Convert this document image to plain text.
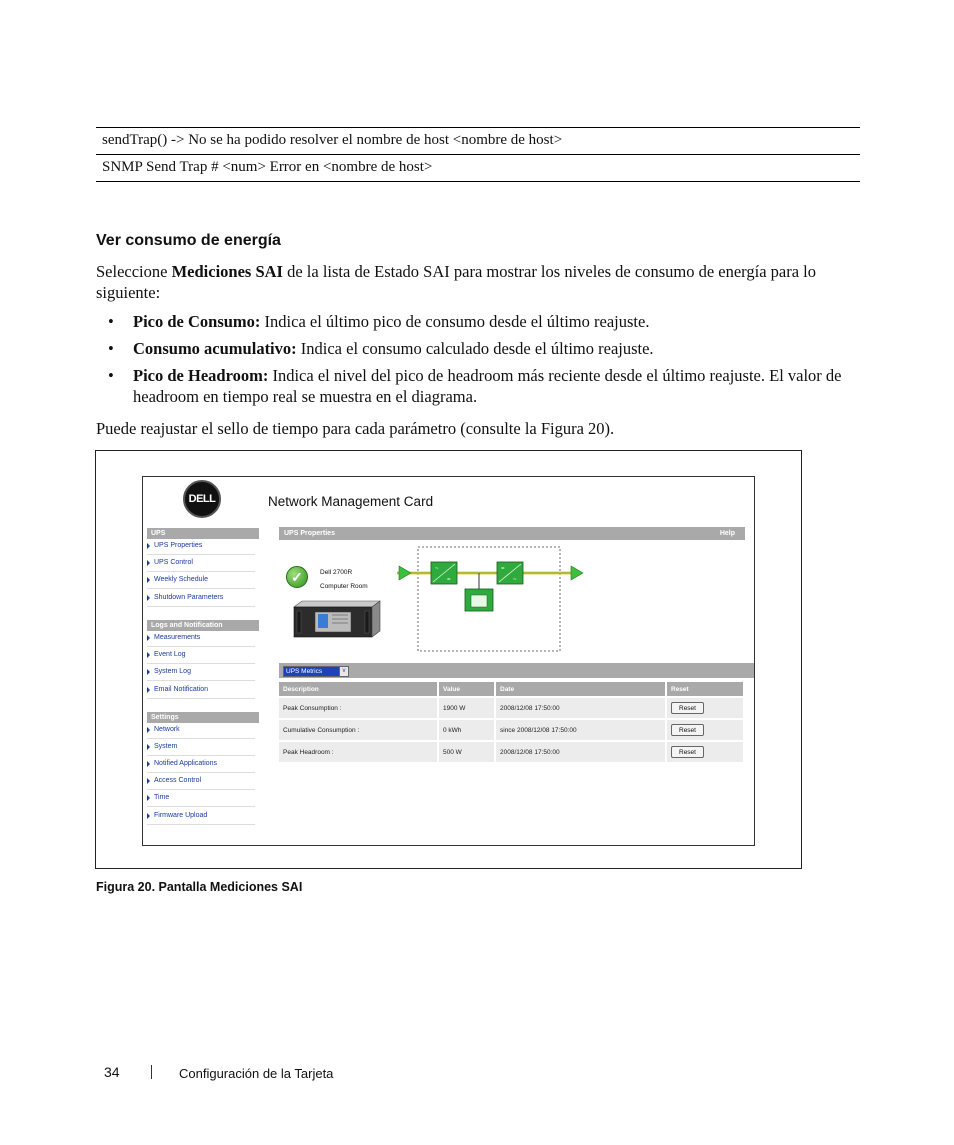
sendTrap() -> No se ha podido resolver el nombre de host <nombre de host>
SNMP Send Trap # <num> Error en <nombre de host>
Ver consumo de energía

Seleccione Mediciones SAI de la lista de Estado SAI para mostrar los niveles de consumo de energía para lo siguiente:

• Pico de Consumo: Indica el último pico de consumo desde el último reajuste.
• Consumo acumulativo: Indica el consumo calculado desde el último reajuste.
• Pico de Headroom: Indica el nivel del pico de headroom más reciente desde el último reajuste. El valor de headroom en tiempo real se muestra en el diagrama.

Puede reajustar el sello de tiempo para cada parámetro (consulte la Figura 20).

DELL	Network Management Card
UPS
UPS Properties
UPS Control
Weekly Schedule
Shutdown Parameters
Logs and Notification
Measurements
Event Log
System Log
Email Notification
Settings
Network
System
Notified Applications
Access Control
Time
Firmware Upload
UPS Properties	Help
✓	Dell 2700R
Computer Room
~
=
=
~
UPS Metrics	v
Description	Value	Date	Reset
Peak Consumption :	1900 W	2008/12/08 17:50:00	Reset
Cumulative Consumption :	0 kWh	since 2008/12/08 17:50:00	Reset
Peak Headroom :	500 W	2008/12/08 17:50:00	Reset

Figura 20. Pantalla Mediciones SAI

34	Configuración de la Tarjeta
